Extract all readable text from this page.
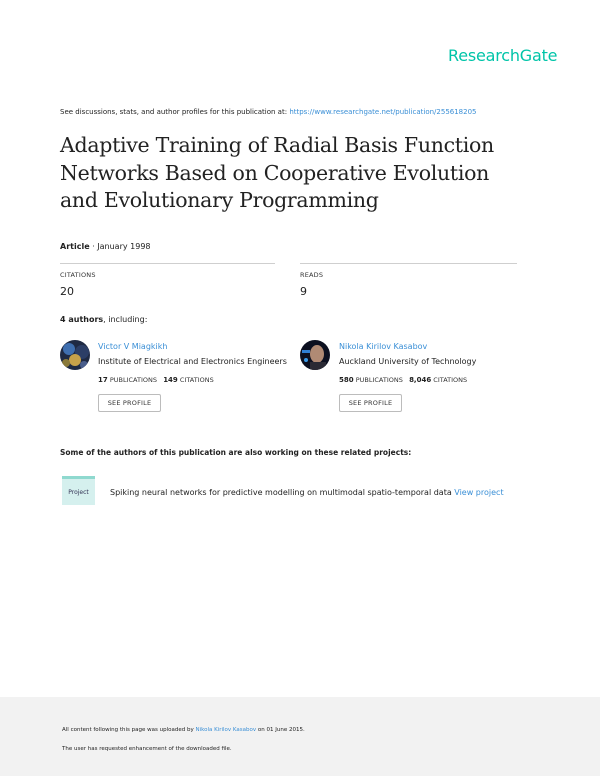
ResearchGate
See discussions, stats, and author profiles for this publication at: https://www.researchgate.net/publication/255618205
Adaptive Training of Radial Basis Function Networks Based on Cooperative Evolution and Evolutionary Programming
Article · January 1998
CITATIONS
20
READS
9
4 authors, including:
Victor V Miagkikh
Institute of Electrical and Electronics Engineers
17 PUBLICATIONS 149 CITATIONS
SEE PROFILE
Nikola Kirilov Kasabov
Auckland University of Technology
580 PUBLICATIONS 8,046 CITATIONS
SEE PROFILE
Some of the authors of this publication are also working on these related projects:
Project	Spiking neural networks for predictive modelling on multimodal spatio-temporal data View project
All content following this page was uploaded by Nikola Kirilov Kasabov on 01 June 2015.
The user has requested enhancement of the downloaded file.
